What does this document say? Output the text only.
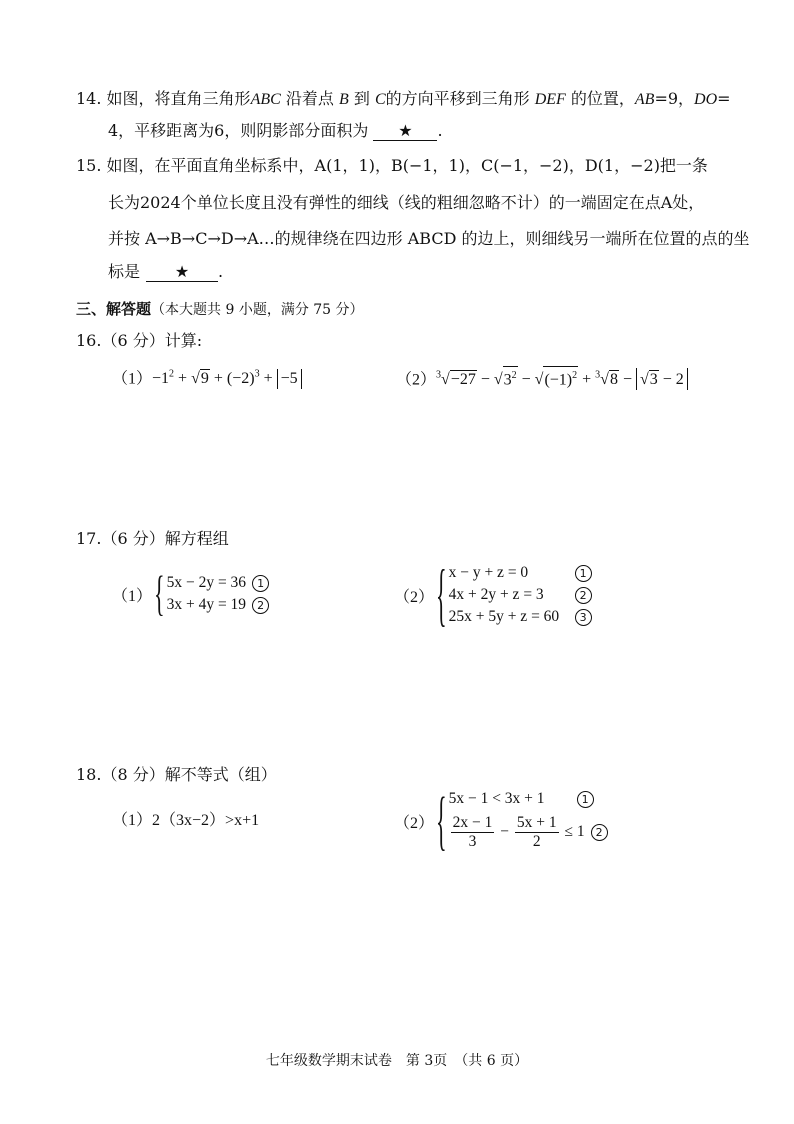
14. 如图，将直角三角形ABC 沿着点 B 到 C的方向平移到三角形 DEF 的位置，AB=9，DO=
4，平移距离为6，则阴影部分面积为 ★ .
15. 如图，在平面直角坐标系中，A(1，1)，B(−1，1)，C(−1，−2)，D(1，−2)把一条
长为2024个单位长度且没有弹性的细线（线的粗细忽略不计）的一端固定在点A处，
并按 A→B→C→D→A…的规律绕在四边形 ABCD 的边上，则细线另一端所在位置的点的坐
标是 ★ .
三、解答题（本大题共 9 小题，满分 75 分）
16.（6 分）计算:
$(1)-1^2 + √9 + (-2)^3 + -5$	$(2)^3√-27 - √3^2 - √(-1)^2 + ^3√8 - √3 - 2$
17.（6 分）解方程组
（1） { 5x − 2y = 36 1
3x + 4y = 19 2	（2） { x − y + z = 0	1
4x + 2y + z = 3	2
25x + 5y + z = 60 3
18.（8 分）解不等式（组）
（1）2（3x−2）>x+1	（2） { 5x − 1 < 3x + 1	1
$\frac{2x - 1}{3} - \frac{5x + 1}{2} \le 1$ 2
七年级数学期末试卷　第 3页　（共 6 页）
